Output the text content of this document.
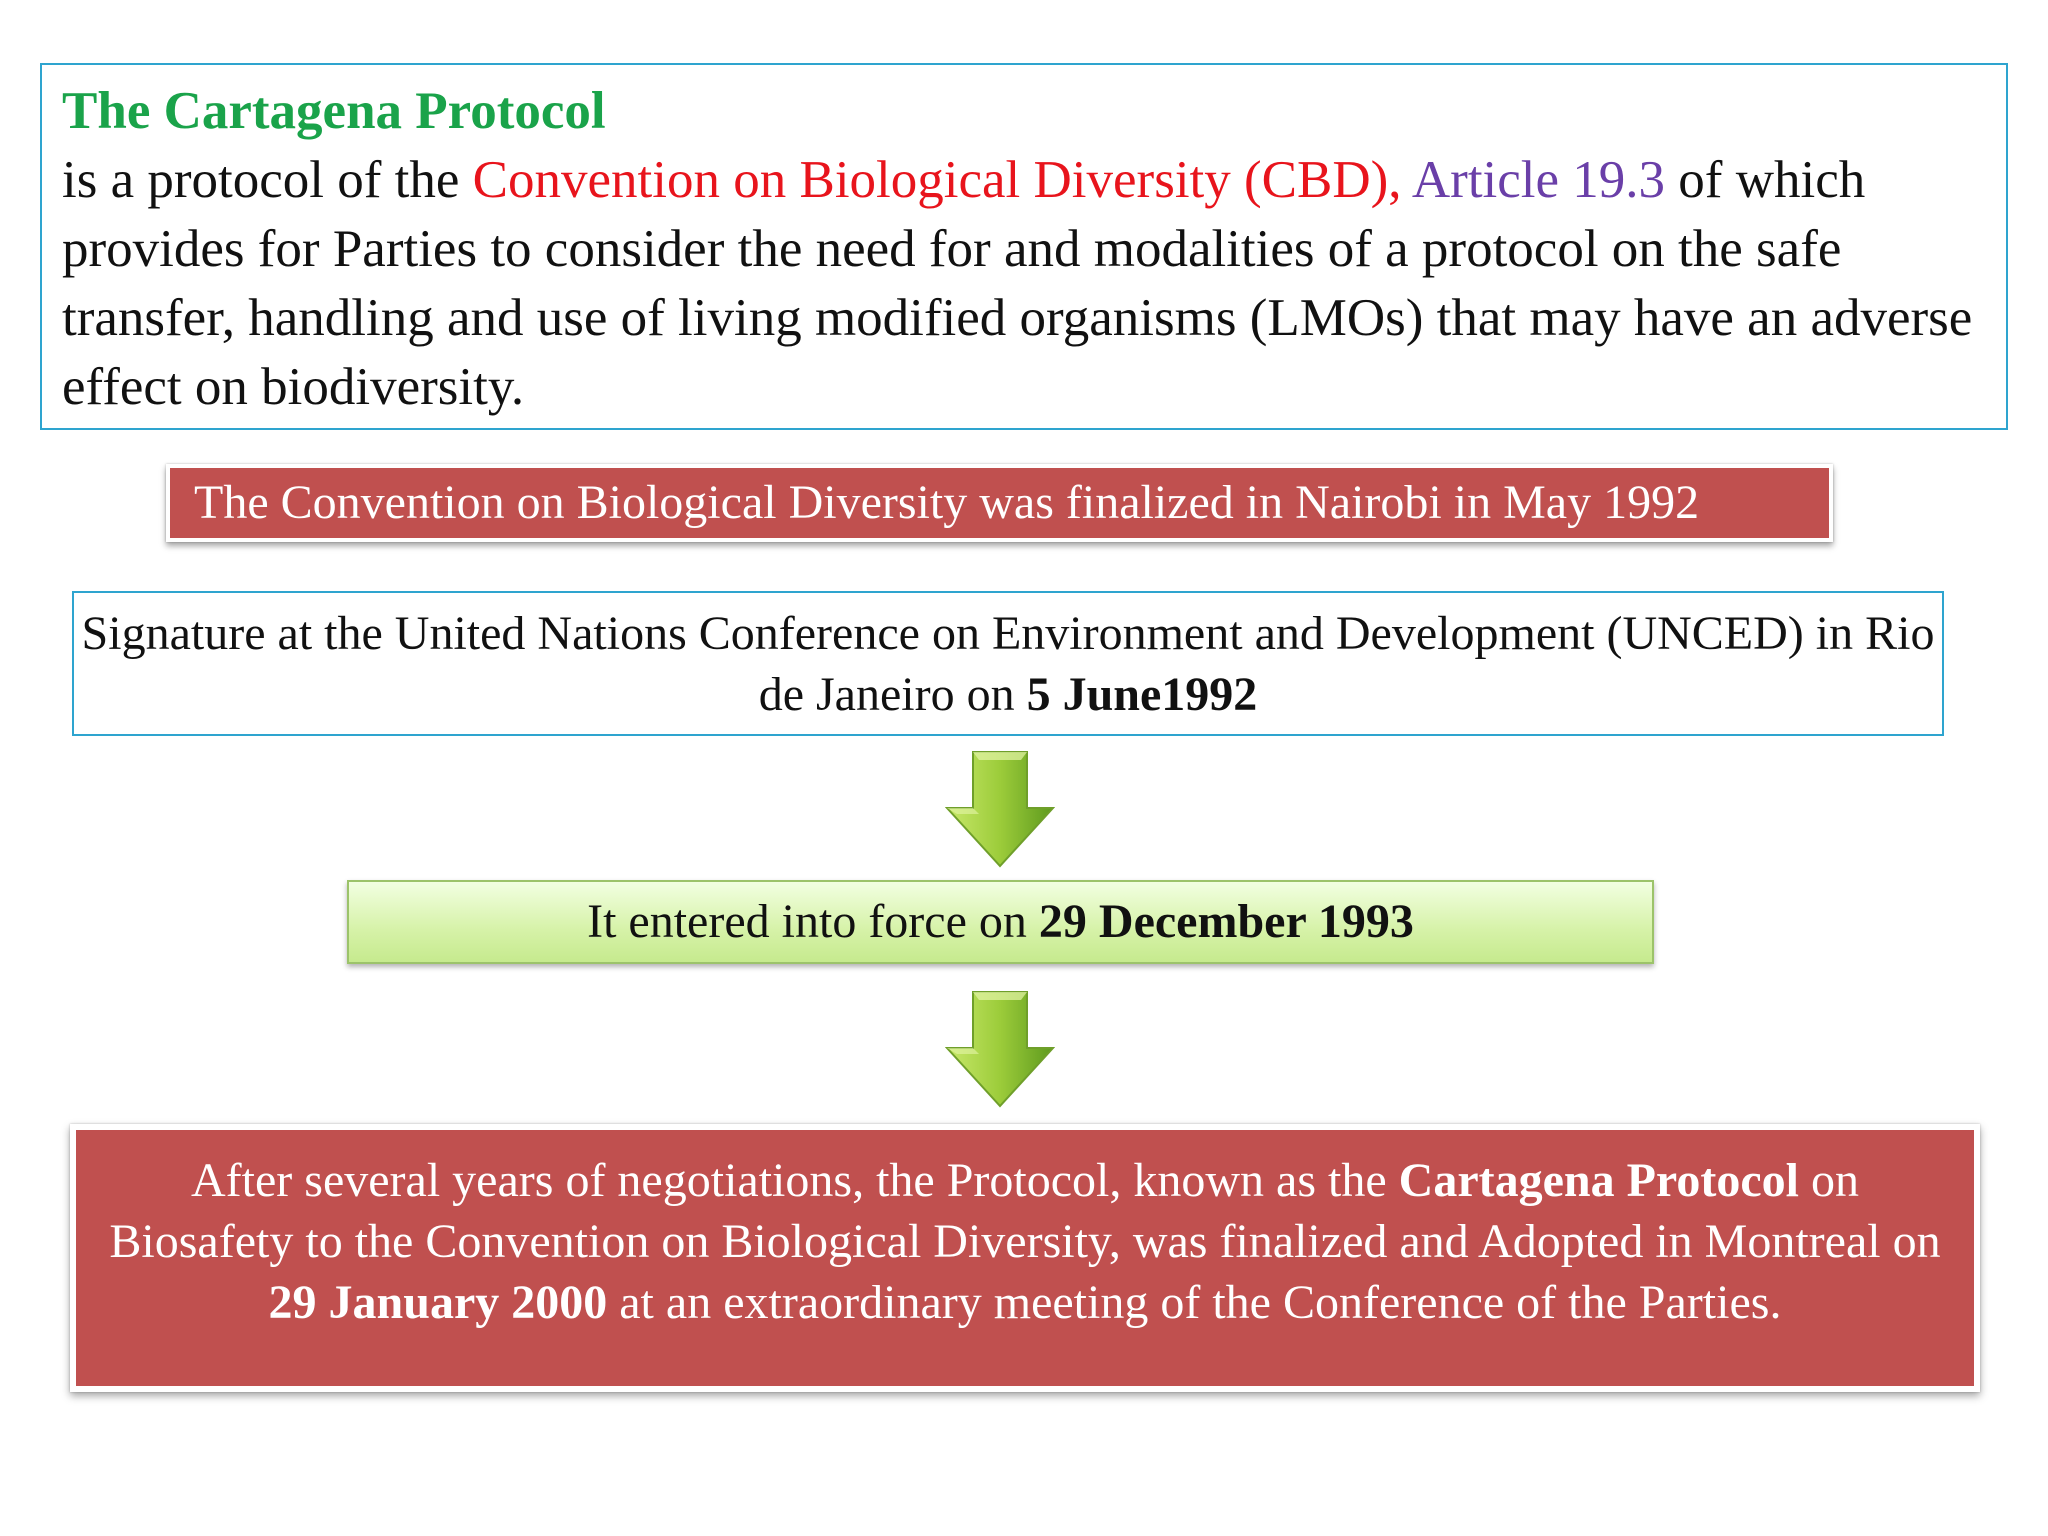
The Cartagena Protocol
is a protocol of the Convention on Biological Diversity (CBD), Article 19.3 of which provides for Parties to consider the need for and modalities of a protocol on the safe transfer, handling and use of living modified organisms (LMOs) that may have an adverse effect on biodiversity.
The Convention on Biological Diversity was finalized in Nairobi in May 1992
Signature at the United Nations Conference on Environment and Development (UNCED) in Rio de Janeiro on 5 June1992
It entered into force on 29 December 1993
After several years of negotiations, the Protocol, known as the Cartagena Protocol on Biosafety to the Convention on Biological Diversity, was finalized and Adopted in Montreal on 29 January 2000 at an extraordinary meeting of the Conference of the Parties.
